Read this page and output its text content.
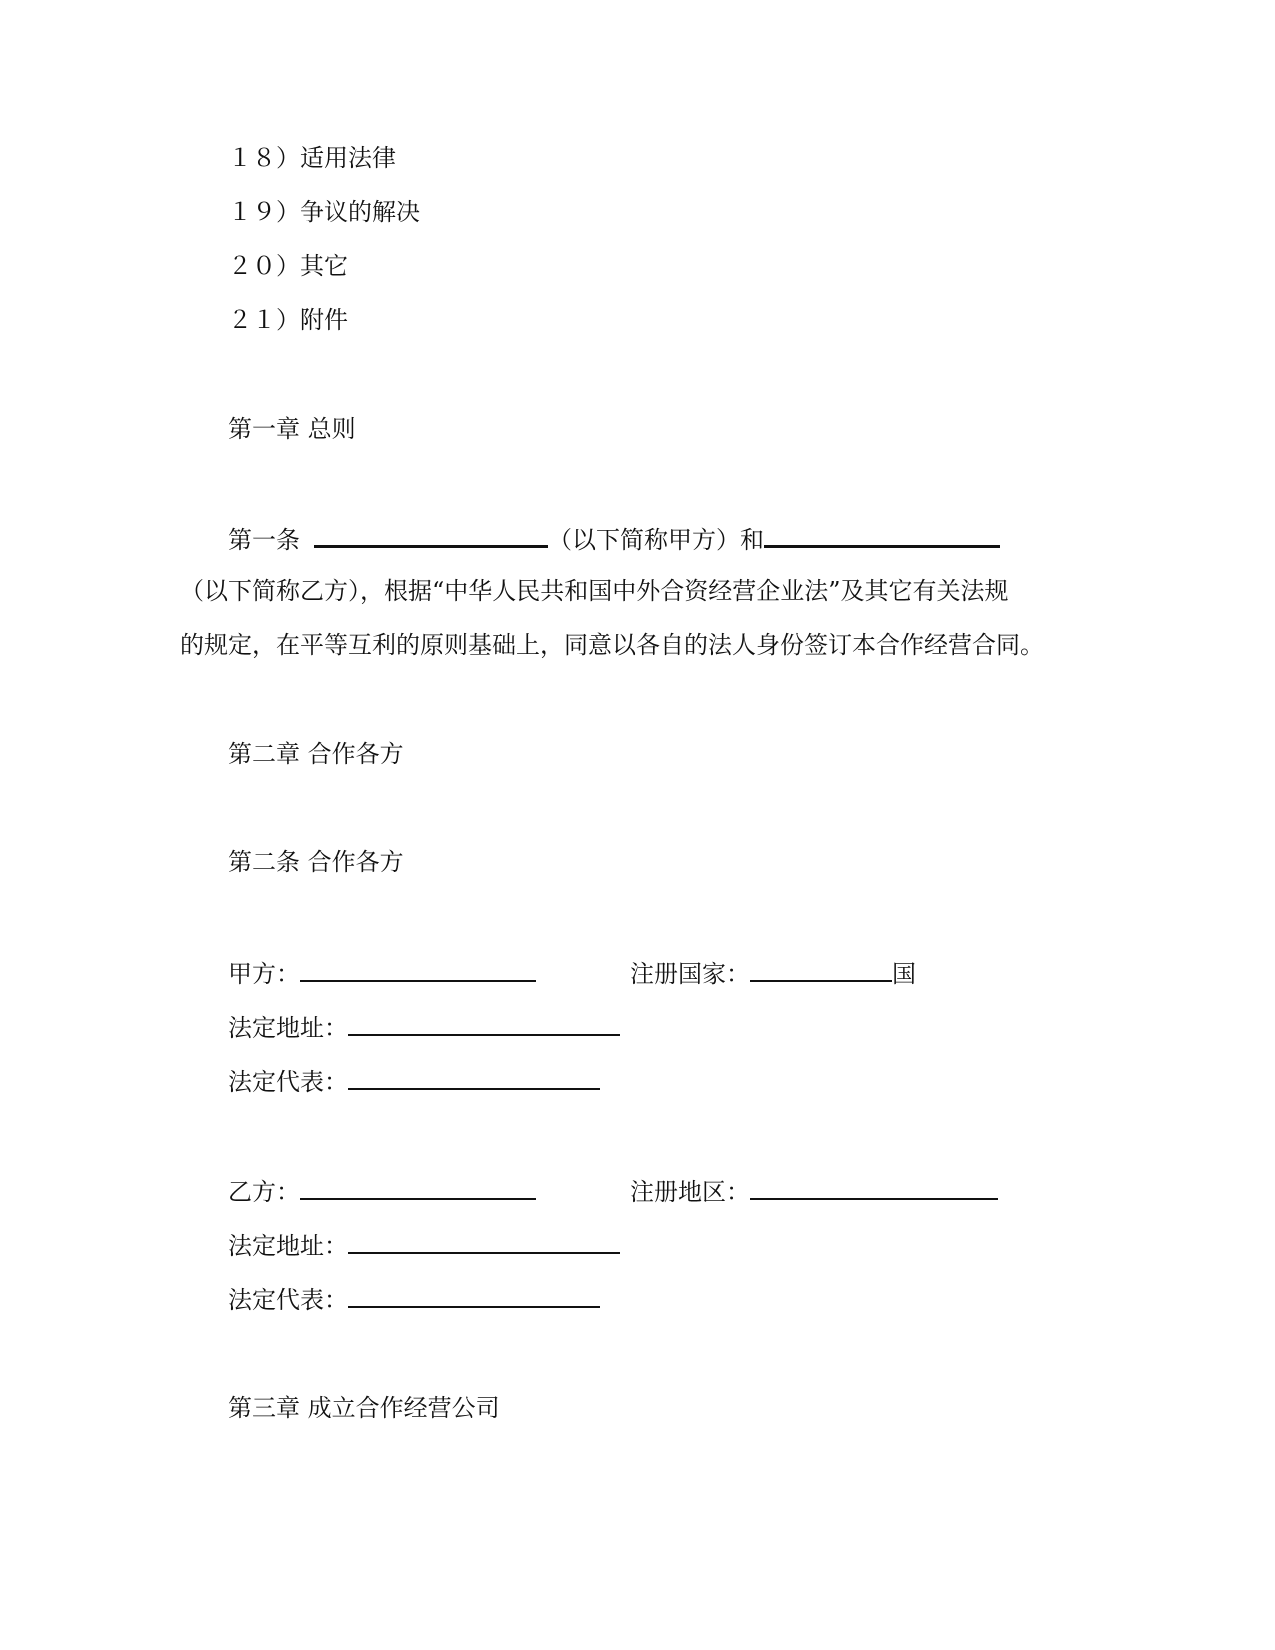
１８）适用法律
１９）争议的解决
２０）其它
２１）附件
第一章 总则
第一条	（以下简称甲方）和
（以下简称乙方），根据“中华人民共和国中外合资经营企业法”及其它有关法规
的规定，在平等互利的原则基础上，同意以各自的法人身份签订本合作经营合同。
第二章 合作各方
第二条 合作各方
甲方：	注册国家：	国
法定地址：
法定代表：
乙方：	注册地区：
法定地址：
法定代表：
第三章 成立合作经营公司
